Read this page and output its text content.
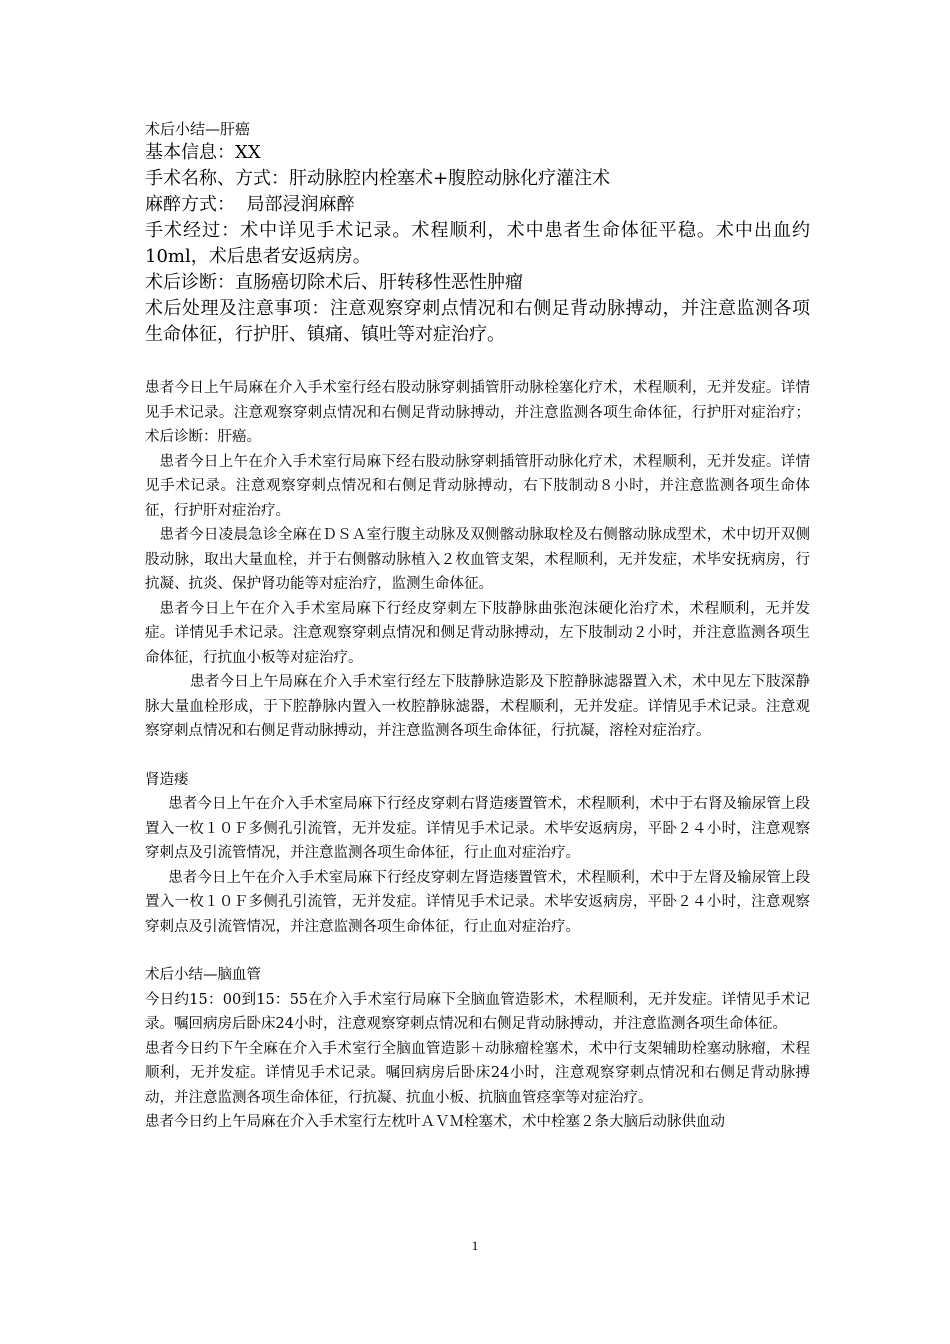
术后小结—肝癌

基本信息：XX

手术名称、方式：肝动脉腔内栓塞术+腹腔动脉化疗灌注术

麻醉方式：  局部浸润麻醉

手术经过：术中详见手术记录。术程顺利，术中患者生命体征平稳。术中出血约10ml，术后患者安返病房。

术后诊断：直肠癌切除术后、肝转移性恶性肿瘤

术后处理及注意事项：注意观察穿刺点情况和右侧足背动脉搏动，并注意监测各项生命体征，行护肝、镇痛、镇吐等对症治疗。

患者今日上午局麻在介入手术室行经右股动脉穿刺插管肝动脉栓塞化疗术，术程顺利，无并发症。详情见手术记录。注意观察穿刺点情况和右侧足背动脉搏动，并注意监测各项生命体征，行护肝对症治疗；术后诊断：肝癌。

患者今日上午在介入手术室行局麻下经右股动脉穿刺插管肝动脉化疗术，术程顺利，无并发症。详情见手术记录。注意观察穿刺点情况和右侧足背动脉搏动，右下肢制动８小时，并注意监测各项生命体征，行护肝对症治疗。

患者今日凌晨急诊全麻在ＤＳＡ室行腹主动脉及双侧髂动脉取栓及右侧髂动脉成型术，术中切开双侧股动脉，取出大量血栓，并于右侧髂动脉植入２枚血管支架，术程顺利，无并发症，术毕安抚病房，行抗凝、抗炎、保护肾功能等对症治疗，监测生命体征。

患者今日上午在介入手术室局麻下行经皮穿刺左下肢静脉曲张泡沫硬化治疗术，术程顺利，无并发症。详情见手术记录。注意观察穿刺点情况和侧足背动脉搏动，左下肢制动２小时，并注意监测各项生命体征，行抗血小板等对症治疗。

患者今日上午局麻在介入手术室行经左下肢静脉造影及下腔静脉滤器置入术，术中见左下肢深静脉大量血栓形成，于下腔静脉内置入一枚腔静脉滤器，术程顺利，无并发症。详情见手术记录。注意观察穿刺点情况和右侧足背动脉搏动，并注意监测各项生命体征，行抗凝，溶栓对症治疗。

肾造瘘

患者今日上午在介入手术室局麻下行经皮穿刺右肾造瘘置管术，术程顺利，术中于右肾及输尿管上段置入一枚１０Ｆ多侧孔引流管，无并发症。详情见手术记录。术毕安返病房，平卧２４小时，注意观察穿刺点及引流管情况，并注意监测各项生命体征，行止血对症治疗。

患者今日上午在介入手术室局麻下行经皮穿刺左肾造瘘置管术，术程顺利，术中于左肾及输尿管上段置入一枚１０Ｆ多侧孔引流管，无并发症。详情见手术记录。术毕安返病房，平卧２４小时，注意观察穿刺点及引流管情况，并注意监测各项生命体征，行止血对症治疗。

术后小结—脑血管

今日约15：00到15：55在介入手术室行局麻下全脑血管造影术，术程顺利，无并发症。详情见手术记录。嘱回病房后卧床24小时，注意观察穿刺点情况和右侧足背动脉搏动，并注意监测各项生命体征。

患者今日约下午全麻在介入手术室行全脑血管造影＋动脉瘤栓塞术，术中行支架辅助栓塞动脉瘤，术程顺利，无并发症。详情见手术记录。嘱回病房后卧床24小时，注意观察穿刺点情况和右侧足背动脉搏动，并注意监测各项生命体征，行抗凝、抗血小板、抗脑血管痉挛等对症治疗。

患者今日约上午局麻在介入手术室行左枕叶ＡＶＭ栓塞术，术中栓塞２条大脑后动脉供血动

1
